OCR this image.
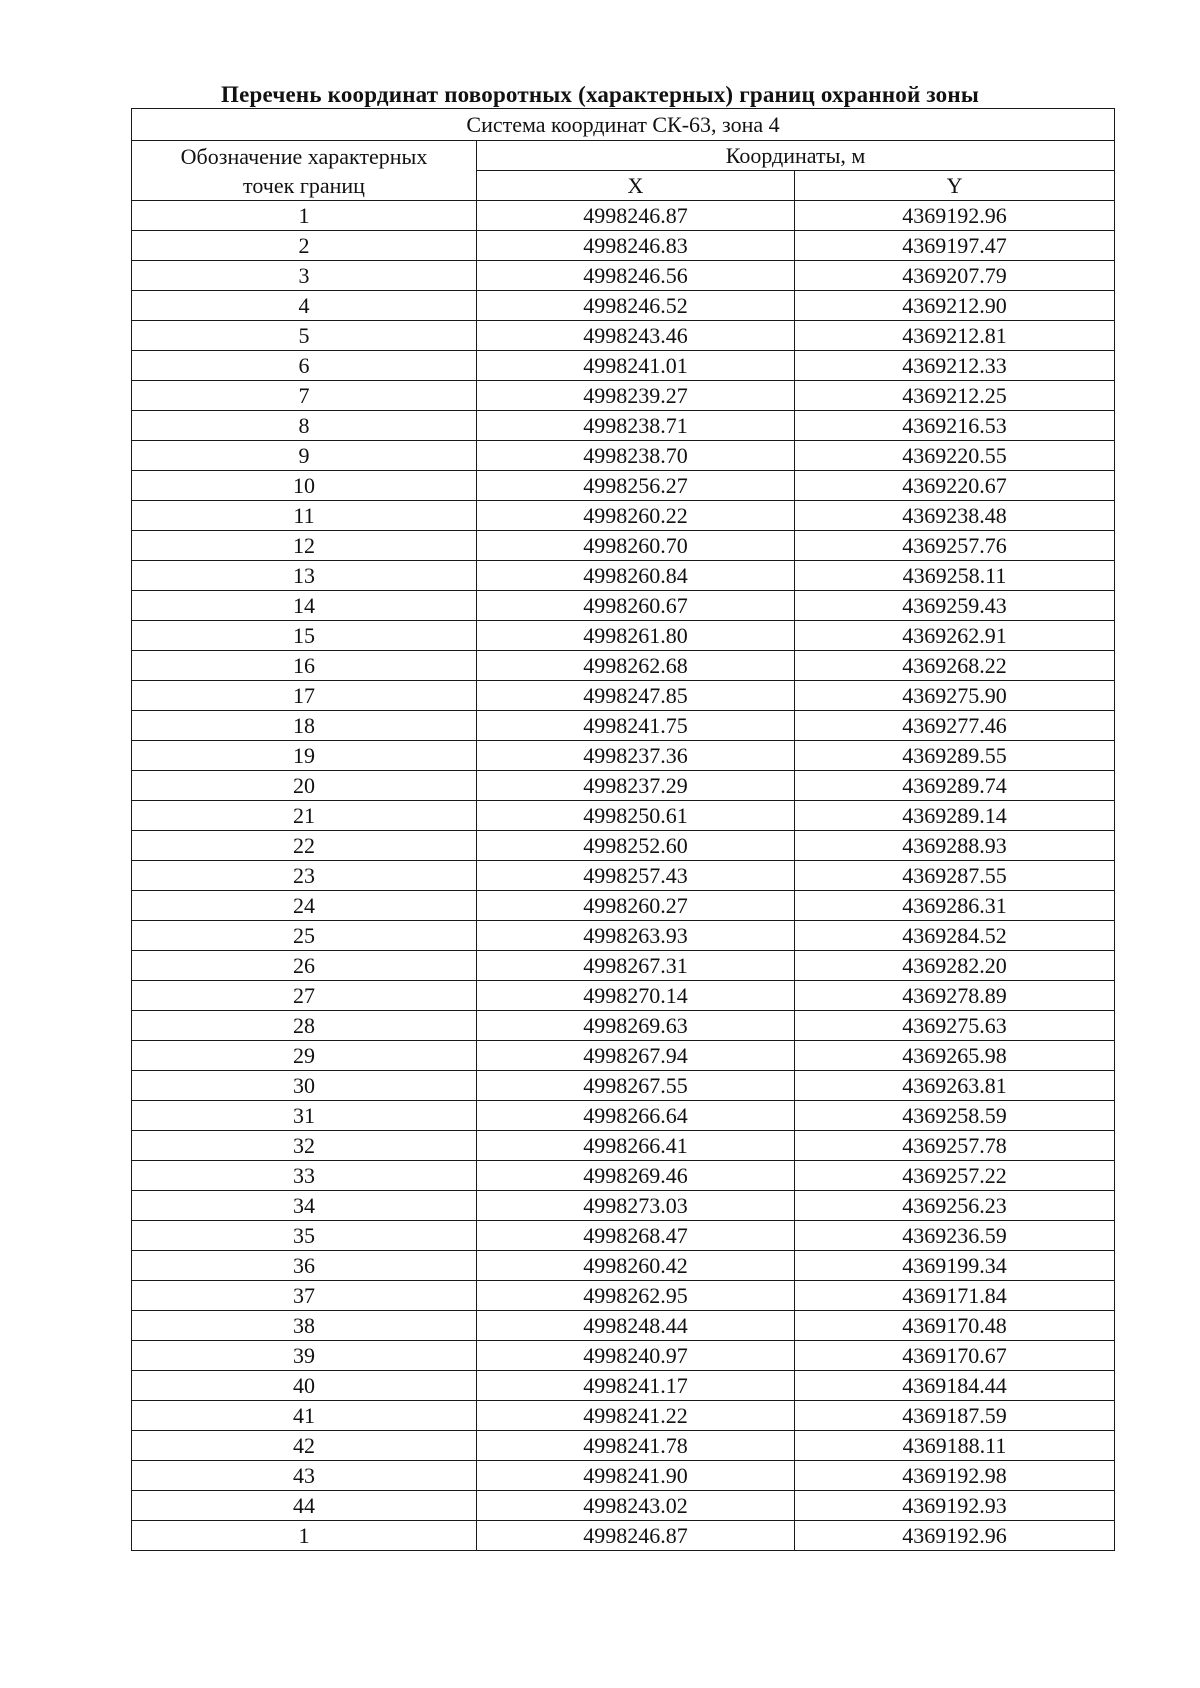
Перечень координат поворотных (характерных) границ охранной зоны
Система координат СК-63, зона 4		
Обозначение характерных
точек границ	Координаты, м	
	X	Y
1	4998246.87	4369192.96
2	4998246.83	4369197.47
3	4998246.56	4369207.79
4	4998246.52	4369212.90
5	4998243.46	4369212.81
6	4998241.01	4369212.33
7	4998239.27	4369212.25
8	4998238.71	4369216.53
9	4998238.70	4369220.55
10	4998256.27	4369220.67
11	4998260.22	4369238.48
12	4998260.70	4369257.76
13	4998260.84	4369258.11
14	4998260.67	4369259.43
15	4998261.80	4369262.91
16	4998262.68	4369268.22
17	4998247.85	4369275.90
18	4998241.75	4369277.46
19	4998237.36	4369289.55
20	4998237.29	4369289.74
21	4998250.61	4369289.14
22	4998252.60	4369288.93
23	4998257.43	4369287.55
24	4998260.27	4369286.31
25	4998263.93	4369284.52
26	4998267.31	4369282.20
27	4998270.14	4369278.89
28	4998269.63	4369275.63
29	4998267.94	4369265.98
30	4998267.55	4369263.81
31	4998266.64	4369258.59
32	4998266.41	4369257.78
33	4998269.46	4369257.22
34	4998273.03	4369256.23
35	4998268.47	4369236.59
36	4998260.42	4369199.34
37	4998262.95	4369171.84
38	4998248.44	4369170.48
39	4998240.97	4369170.67
40	4998241.17	4369184.44
41	4998241.22	4369187.59
42	4998241.78	4369188.11
43	4998241.90	4369192.98
44	4998243.02	4369192.93
1	4998246.87	4369192.96
